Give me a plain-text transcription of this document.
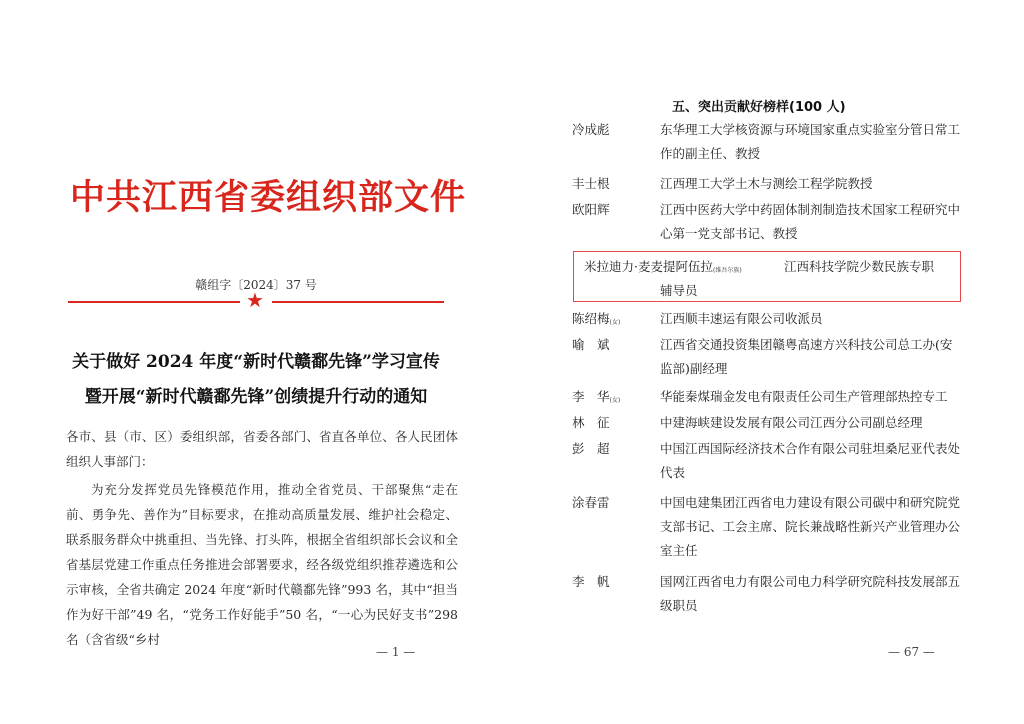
中共江西省委组织部文件
赣组字〔2024〕37 号
★
关于做好 2024 年度“新时代赣鄱先锋”学习宣传
暨开展“新时代赣鄱先锋”创绩提升行动的通知
各市、县（市、区）委组织部，省委各部门、省直各单位、各人民团体组织人事部门：
为充分发挥党员先锋模范作用，推动全省党员、干部聚焦“走在前、勇争先、善作为”目标要求，在推动高质量发展、维护社会稳定、联系服务群众中挑重担、当先锋、打头阵，根据全省组织部长会议和全省基层党建工作重点任务推进会部署要求，经各级党组织推荐遴选和公示审核，全省共确定 2024 年度“新时代赣鄱先锋”993 名，其中“担当作为好干部”49 名，“党务工作好能手”50 名，“一心为民好支书”298 名（含省级“乡村
— 1 —
五、突出贡献好榜样(100 人)
冷成彪	东华理工大学核资源与环境国家重点实验室分管日常工作的副主任、教授
丰士根	江西理工大学土木与测绘工程学院教授
欧阳辉	江西中医药大学中药固体制剂制造技术国家工程研究中心第一党支部书记、教授
米拉迪力·麦麦提阿伍拉(维吾尔族)	江西科技学院少数民族专职
辅导员
陈绍梅(女)	江西顺丰速运有限公司收派员
喻　斌	江西省交通投资集团赣粤高速方兴科技公司总工办(安监部)副经理
李　华(女)	华能秦煤瑞金发电有限责任公司生产管理部热控专工
林　征	中建海峡建设发展有限公司江西分公司副总经理
彭　超	中国江西国际经济技术合作有限公司驻坦桑尼亚代表处代表
涂春雷	中国电建集团江西省电力建设有限公司碳中和研究院党支部书记、工会主席、院长兼战略性新兴产业管理办公室主任
李　帆	国网江西省电力有限公司电力科学研究院科技发展部五级职员
— 67 —
